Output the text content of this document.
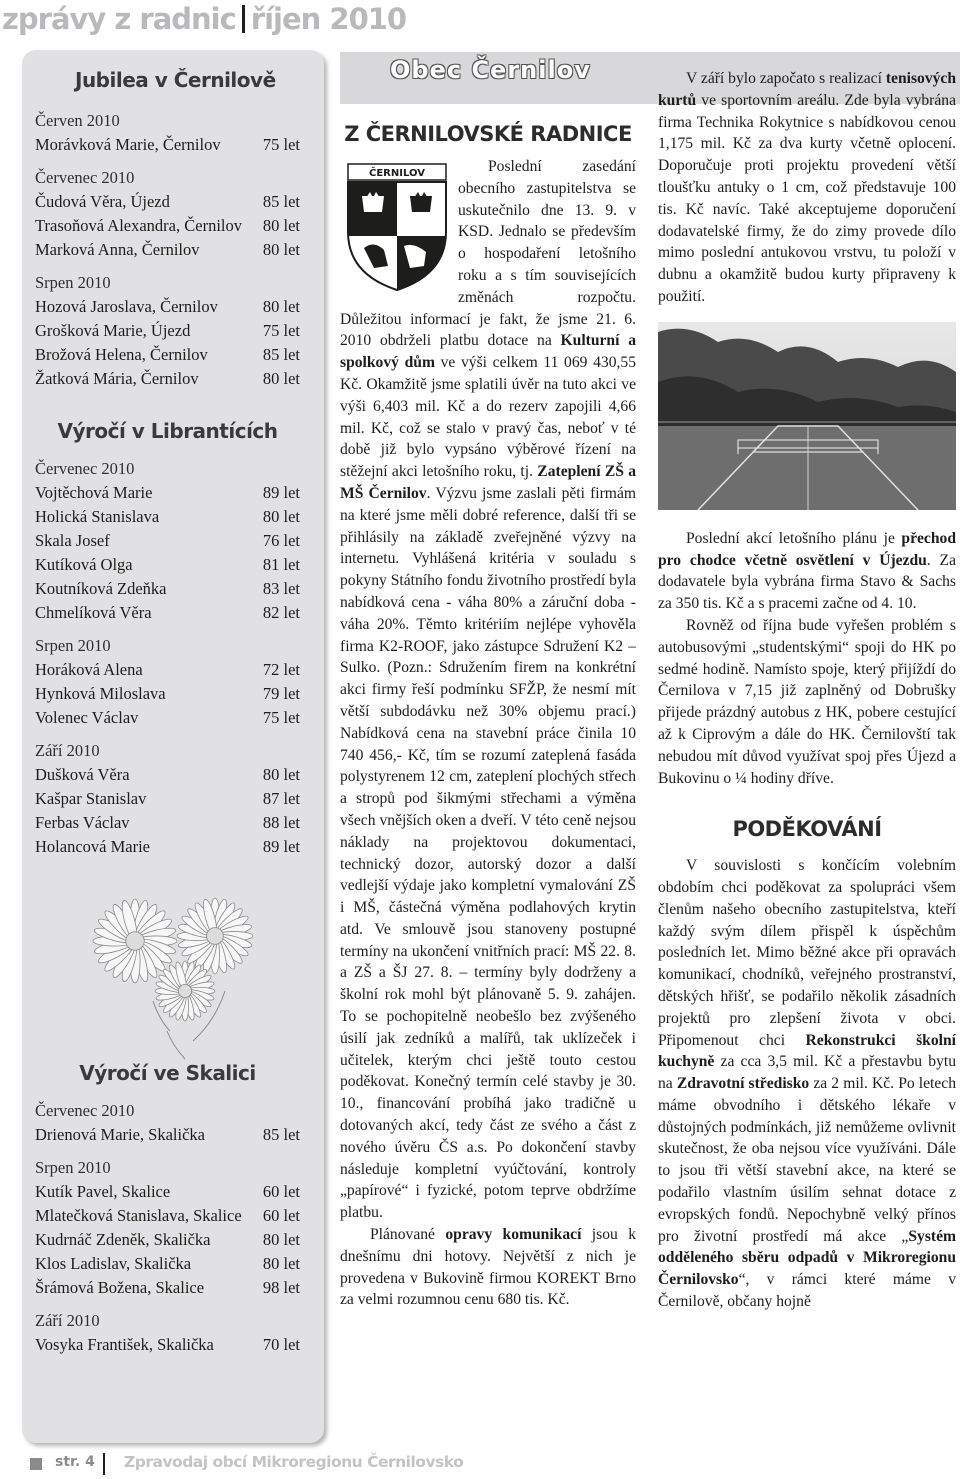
zprávy z radnic říjen 2010
Jubilea v Černilově
Červen 2010
Morávková Marie, Černilov	75 let
Červenec 2010
Čudová Věra, Újezd	85 let
Trasoňová Alexandra, Černilov 80 let
Marková Anna, Černilov	80 let
Srpen 2010
Hozová Jaroslava, Černilov	80 let
Grošková Marie, Újezd	75 let
Brožová Helena, Černilov	85 let
Žatková Mária, Černilov	80 let
Výročí v Librantících
Červenec 2010
Vojtěchová Marie	89 let
Holická Stanislava	80 let
Skala Josef	76 let
Kutíková Olga	81 let
Koutníková Zdeňka	83 let
Chmelíková Věra	82 let
Srpen 2010
Horáková Alena	72 let
Hynková Miloslava	79 let
Volenec Václav	75 let
Září 2010
Dušková Věra	80 let
Kašpar Stanislav	87 let
Ferbas Václav	88 let
Holancová Marie	89 let
Výročí ve Skalici
Červenec 2010
Drienová Marie, Skalička	85 let
Srpen 2010
Kutík Pavel, Skalice	60 let
Mlatečková Stanislava, Skalice 60 let
Kudrnáč Zdeněk, Skalička	80 let
Klos Ladislav, Skalička	80 let
Šrámová Božena, Skalice	98 let
Září 2010
Vosyka František, Skalička	70 let
Obec Černilov
Z ČERNILOVSKÉ RADNICE
ČERNILOV	Poslední zasedání obecního zastupitelstva se uskutečnilo dne 13. 9. v KSD. Jednalo se především o hospodaření letošního roku a s tím souvisejících změnách rozpočtu. Důležitou informací je fakt, že jsme 21. 6. 2010 obdrželi platbu dotace na Kulturní a spolkový dům ve výši celkem 11 069 430,55 Kč. Okamžitě jsme splatili úvěr na tuto akci ve výši 6,403 mil. Kč a do rezerv zapojili 4,66 mil. Kč, což se stalo v pravý čas, neboť v té době již bylo vypsáno výběrové řízení na stěžejní akci letošního roku, tj. Zateplení ZŠ a MŠ Černilov. Výzvu jsme zaslali pěti firmám na které jsme měli dobré reference, další tři se přihlásily na základě zveřejněné výzvy na internetu. Vyhlášená kritéria v souladu s pokyny Státního fondu životního prostředí byla nabídková cena - váha 80% a záruční doba - váha 20%. Těmto kritériím nejlépe vyhověla firma K2-ROOF, jako zástupce Sdružení K2 – Sulko. (Pozn.: Sdružením firem na konkrétní akci firmy řeší podmínku SFŽP, že nesmí mít větší subdodávku než 30% objemu prací.) Nabídková cena na stavební práce činila 10 740 456,- Kč, tím se rozumí zateplená fasáda polystyrenem 12 cm, zateplení plochých střech a stropů pod šikmými střechami a výměna všech vnějších oken a dveří. V této ceně nejsou náklady na projektovou dokumentaci, technický dozor, autorský dozor a další vedlejší výdaje jako kompletní vymalování ZŠ i MŠ, částečná výměna podlahových krytin atd. Ve smlouvě jsou stanoveny postupné termíny na ukončení vnitřních prací: MŠ 22. 8. a ZŠ a ŠJ 27. 8. – termíny byly dodrženy a školní rok mohl být plánovaně 5. 9. zahájen. To se pochopitelně neobešlo bez zvýšeného úsilí jak zedníků a malířů, tak uklízeček i učitelek, kterým chci ještě touto cestou poděkovat. Konečný termín celé stavby je 30. 10., financování probíhá jako tradičně u dotovaných akcí, tedy část ze svého a část z nového úvěru ČS a.s. Po dokončení stavby následuje kompletní vyúčtování, kontroly „papírové“ i fyzické, potom teprve obdržíme platbu.

Plánované opravy komunikací jsou k dnešnímu dni hotovy. Největší z nich je provedena v Bukovině firmou KOREKT Brno za velmi rozumnou cenu 680 tis. Kč.

V září bylo započato s realizací tenisových kurtů ve sportovním areálu. Zde byla vybrána firma Technika Rokytnice s nabídkovou cenou 1,175 mil. Kč za dva kurty včetně oplocení. Doporučuje proti projektu provedení větší tloušťku antuky o 1 cm, což představuje 100 tis. Kč navíc. Také akceptujeme doporučení dodavatelské firmy, že do zimy provede dílo mimo poslední antukovou vrstvu, tu položí v dubnu a okamžitě budou kurty připraveny k použití.

Poslední akcí letošního plánu je přechod pro chodce včetně osvětlení v Újezdu. Za dodavatele byla vybrána firma Stavo & Sachs za 350 tis. Kč a s pracemi začne od 4. 10.

Rovněž od října bude vyřešen problém s autobusovými „studentskými“ spoji do HK po sedmé hodině. Namísto spoje, který přijíždí do Černilova v 7,15 již zaplněný od Dobrušky přijede prázdný autobus z HK, pobere cestující až k Ciprovým a dále do HK. Černilovští tak nebudou mít důvod využívat spoj přes Újezd a Bukovinu o ¼ hodiny dříve.

PODĚKOVÁNÍ

V souvislosti s končícím volebním obdobím chci poděkovat za spolupráci všem členům našeho obecního zastupitelstva, kteří každý svým dílem přispěl k úspěchům posledních let. Mimo běžné akce při opravách komunikací, chodníků, veřejného prostranství, dětských hřišť, se podařilo několik zásadních projektů pro zlepšení života v obci. Připomenout chci Rekonstrukci školní kuchyně za cca 3,5 mil. Kč a přestavbu bytu na Zdravotní středisko za 2 mil. Kč. Po letech máme obvodního i dětského lékaře v důstojných podmínkách, již nemůžeme ovlivnit skutečnost, že oba nejsou více využíváni. Dále to jsou tři větší stavební akce, na které se podařilo vlastním úsilím sehnat dotace z evropských fondů. Nepochybně velký přínos pro životní prostředí má akce „Systém odděleného sběru odpadů v Mikroregionu Černilovsko“, v rámci které máme v Černilově, občany hojně

str. 4 Zpravodaj obcí Mikroregionu Černilovsko
